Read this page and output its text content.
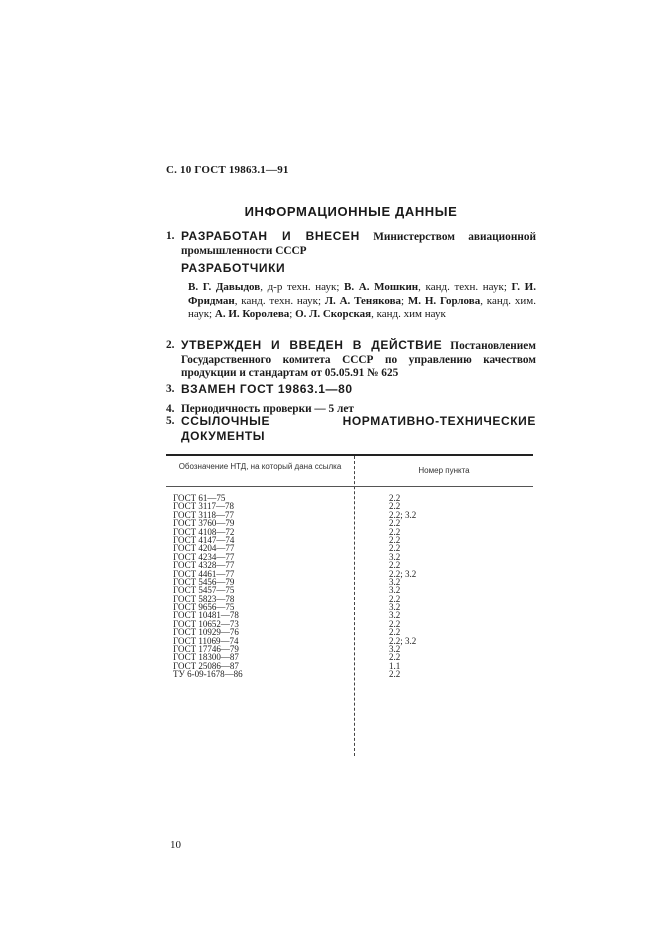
С. 10 ГОСТ 19863.1—91
ИНФОРМАЦИОННЫЕ ДАННЫЕ
1. РАЗРАБОТАН И ВНЕСЕН Министерством авиационной промышленности СССР
РАЗРАБОТЧИКИ
В. Г. Давыдов, д-р техн. наук; В. А. Мошкин, канд. техн. наук; Г. И. Фридман, канд. техн. наук; Л. А. Тенякова; М. Н. Горлова, канд. хим. наук; А. И. Королева; О. Л. Скорская, канд. хим наук
2. УТВЕРЖДЕН И ВВЕДЕН В ДЕЙСТВИЕ Постановлением Государственного комитета СССР по управлению качеством продукции и стандартам от 05.05.91 № 625
3. ВЗАМЕН ГОСТ 19863.1—80
4. Периодичность проверки — 5 лет
5. ССЫЛОЧНЫЕ НОРМАТИВНО-ТЕХНИЧЕСКИЕ ДОКУМЕНТЫ
Обозначение НТД, на который дана ссылка	Номер пункта
ГОСТ 61—75	2.2
ГОСТ 3117—78	2.2
ГОСТ 3118—77	2.2; 3.2
ГОСТ 3760—79	2.2
ГОСТ 4108—72	2.2
ГОСТ 4147—74	2.2
ГОСТ 4204—77	2.2
ГОСТ 4234—77	3.2
ГОСТ 4328—77	2.2
ГОСТ 4461—77	2.2; 3.2
ГОСТ 5456—79	3.2
ГОСТ 5457—75	3.2
ГОСТ 5823—78	2.2
ГОСТ 9656—75	3.2
ГОСТ 10481—78	3.2
ГОСТ 10652—73	2.2
ГОСТ 10929—76	2.2
ГОСТ 11069—74	2.2; 3.2
ГОСТ 17746—79	3.2
ГОСТ 18300—87	2.2
ГОСТ 25086—87	1.1
ТУ 6-09-1678—86	2.2
10
